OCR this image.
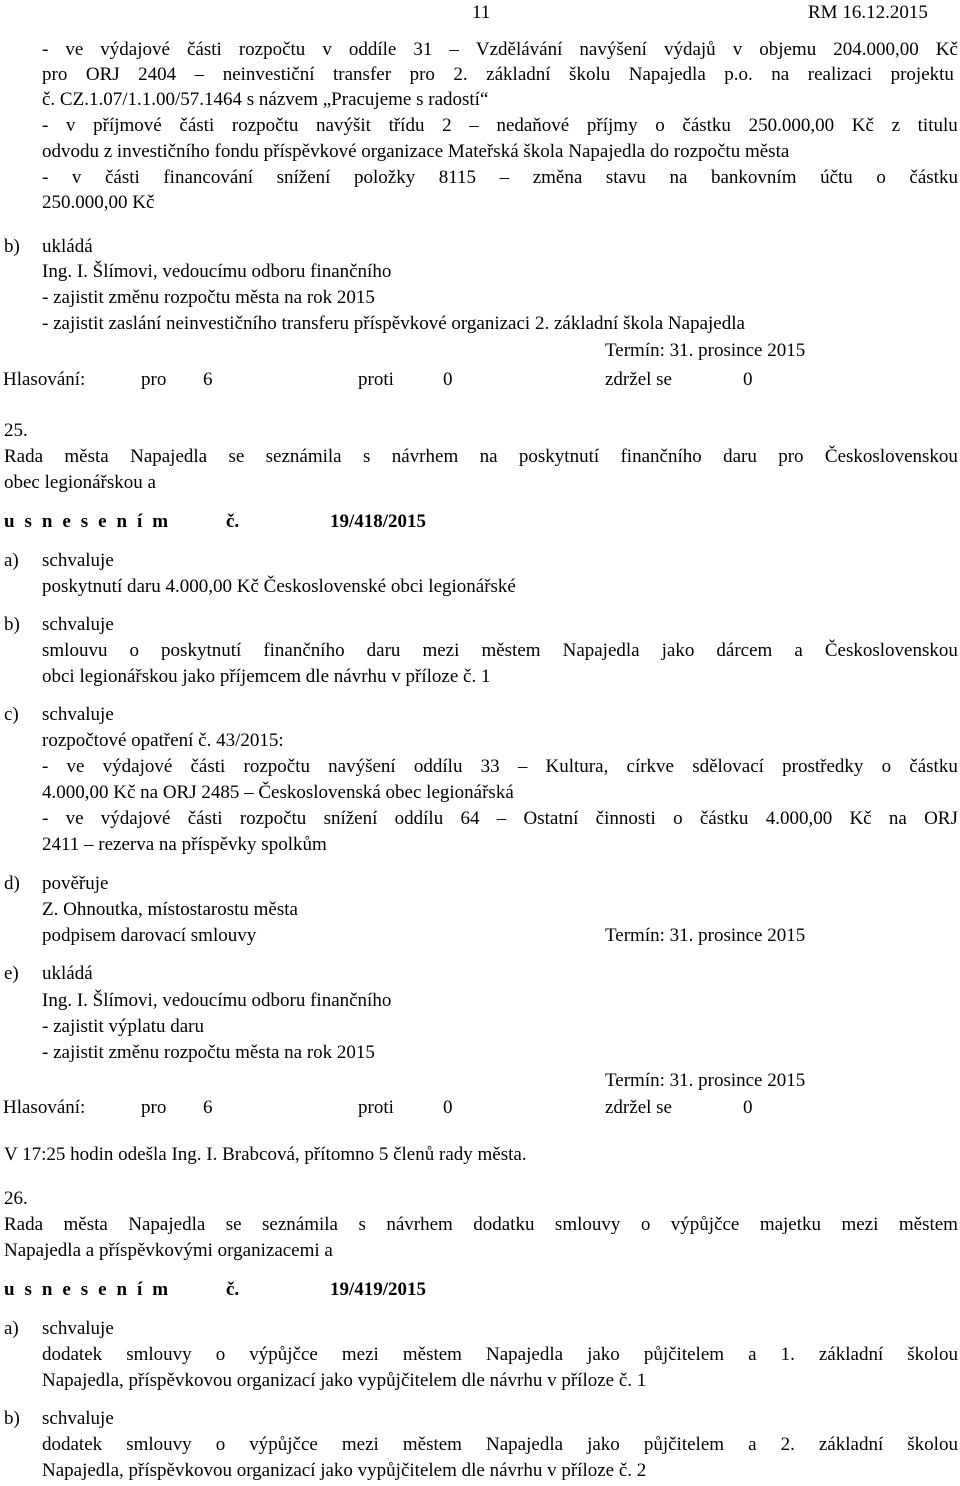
11	RM 16.12.2015
- ve výdajové části rozpočtu v oddíle 31 – Vzdělávání navýšení výdajů v objemu 204.000,00 Kč
pro ORJ 2404 – neinvestiční transfer pro 2. základní školu Napajedla p.o. na realizaci projektu
č. CZ.1.07/1.1.00/57.1464 s názvem „Pracujeme s radostí“
- v příjmové části rozpočtu navýšit třídu 2 – nedaňové příjmy o částku 250.000,00 Kč z titulu
odvodu z investičního fondu příspěvkové organizace Mateřská škola Napajedla do rozpočtu města
- v části financování snížení položky 8115 – změna stavu na bankovním účtu o částku
250.000,00 Kč
b) ukládá
Ing. I. Šlímovi, vedoucímu odboru finančního
- zajistit změnu rozpočtu města na rok 2015
- zajistit zaslání neinvestičního transferu příspěvkové organizaci 2. základní škola Napajedla
Termín: 31. prosince 2015
Hlasování:	pro	6	proti	0	zdržel se	0
25.
Rada města Napajedla se seznámila s návrhem na poskytnutí finančního daru pro Československou
obec legionářskou a
u s n e s e n í m	č.	19/418/2015
a) schvaluje
poskytnutí daru 4.000,00 Kč Československé obci legionářské
b) schvaluje
smlouvu o poskytnutí finančního daru mezi městem Napajedla jako dárcem a Československou
obci legionářskou jako příjemcem dle návrhu v příloze č. 1
c) schvaluje
rozpočtové opatření č. 43/2015:
- ve výdajové části rozpočtu navýšení oddílu 33 – Kultura, církve sdělovací prostředky o částku
4.000,00 Kč na ORJ 2485 – Československá obec legionářská
- ve výdajové části rozpočtu snížení oddílu 64 – Ostatní činnosti o částku 4.000,00 Kč na ORJ
2411 – rezerva na příspěvky spolkům
d) pověřuje
Z. Ohnoutka, místostarostu města
podpisem darovací smlouvy	Termín: 31. prosince 2015
e) ukládá
Ing. I. Šlímovi, vedoucímu odboru finančního
- zajistit výplatu daru
- zajistit změnu rozpočtu města na rok 2015
Termín: 31. prosince 2015
Hlasování:	pro	6	proti	0	zdržel se	0
V 17:25 hodin odešla Ing. I. Brabcová, přítomno 5 členů rady města.
26.
Rada města Napajedla se seznámila s návrhem dodatku smlouvy o výpůjčce majetku mezi městem
Napajedla a příspěvkovými organizacemi a
u s n e s e n í m	č.	19/419/2015
a) schvaluje
dodatek smlouvy o výpůjčce mezi městem Napajedla jako půjčitelem a 1. základní školou
Napajedla, příspěvkovou organizací jako vypůjčitelem dle návrhu v příloze č. 1
b) schvaluje
dodatek smlouvy o výpůjčce mezi městem Napajedla jako půjčitelem a 2. základní školou
Napajedla, příspěvkovou organizací jako vypůjčitelem dle návrhu v příloze č. 2
